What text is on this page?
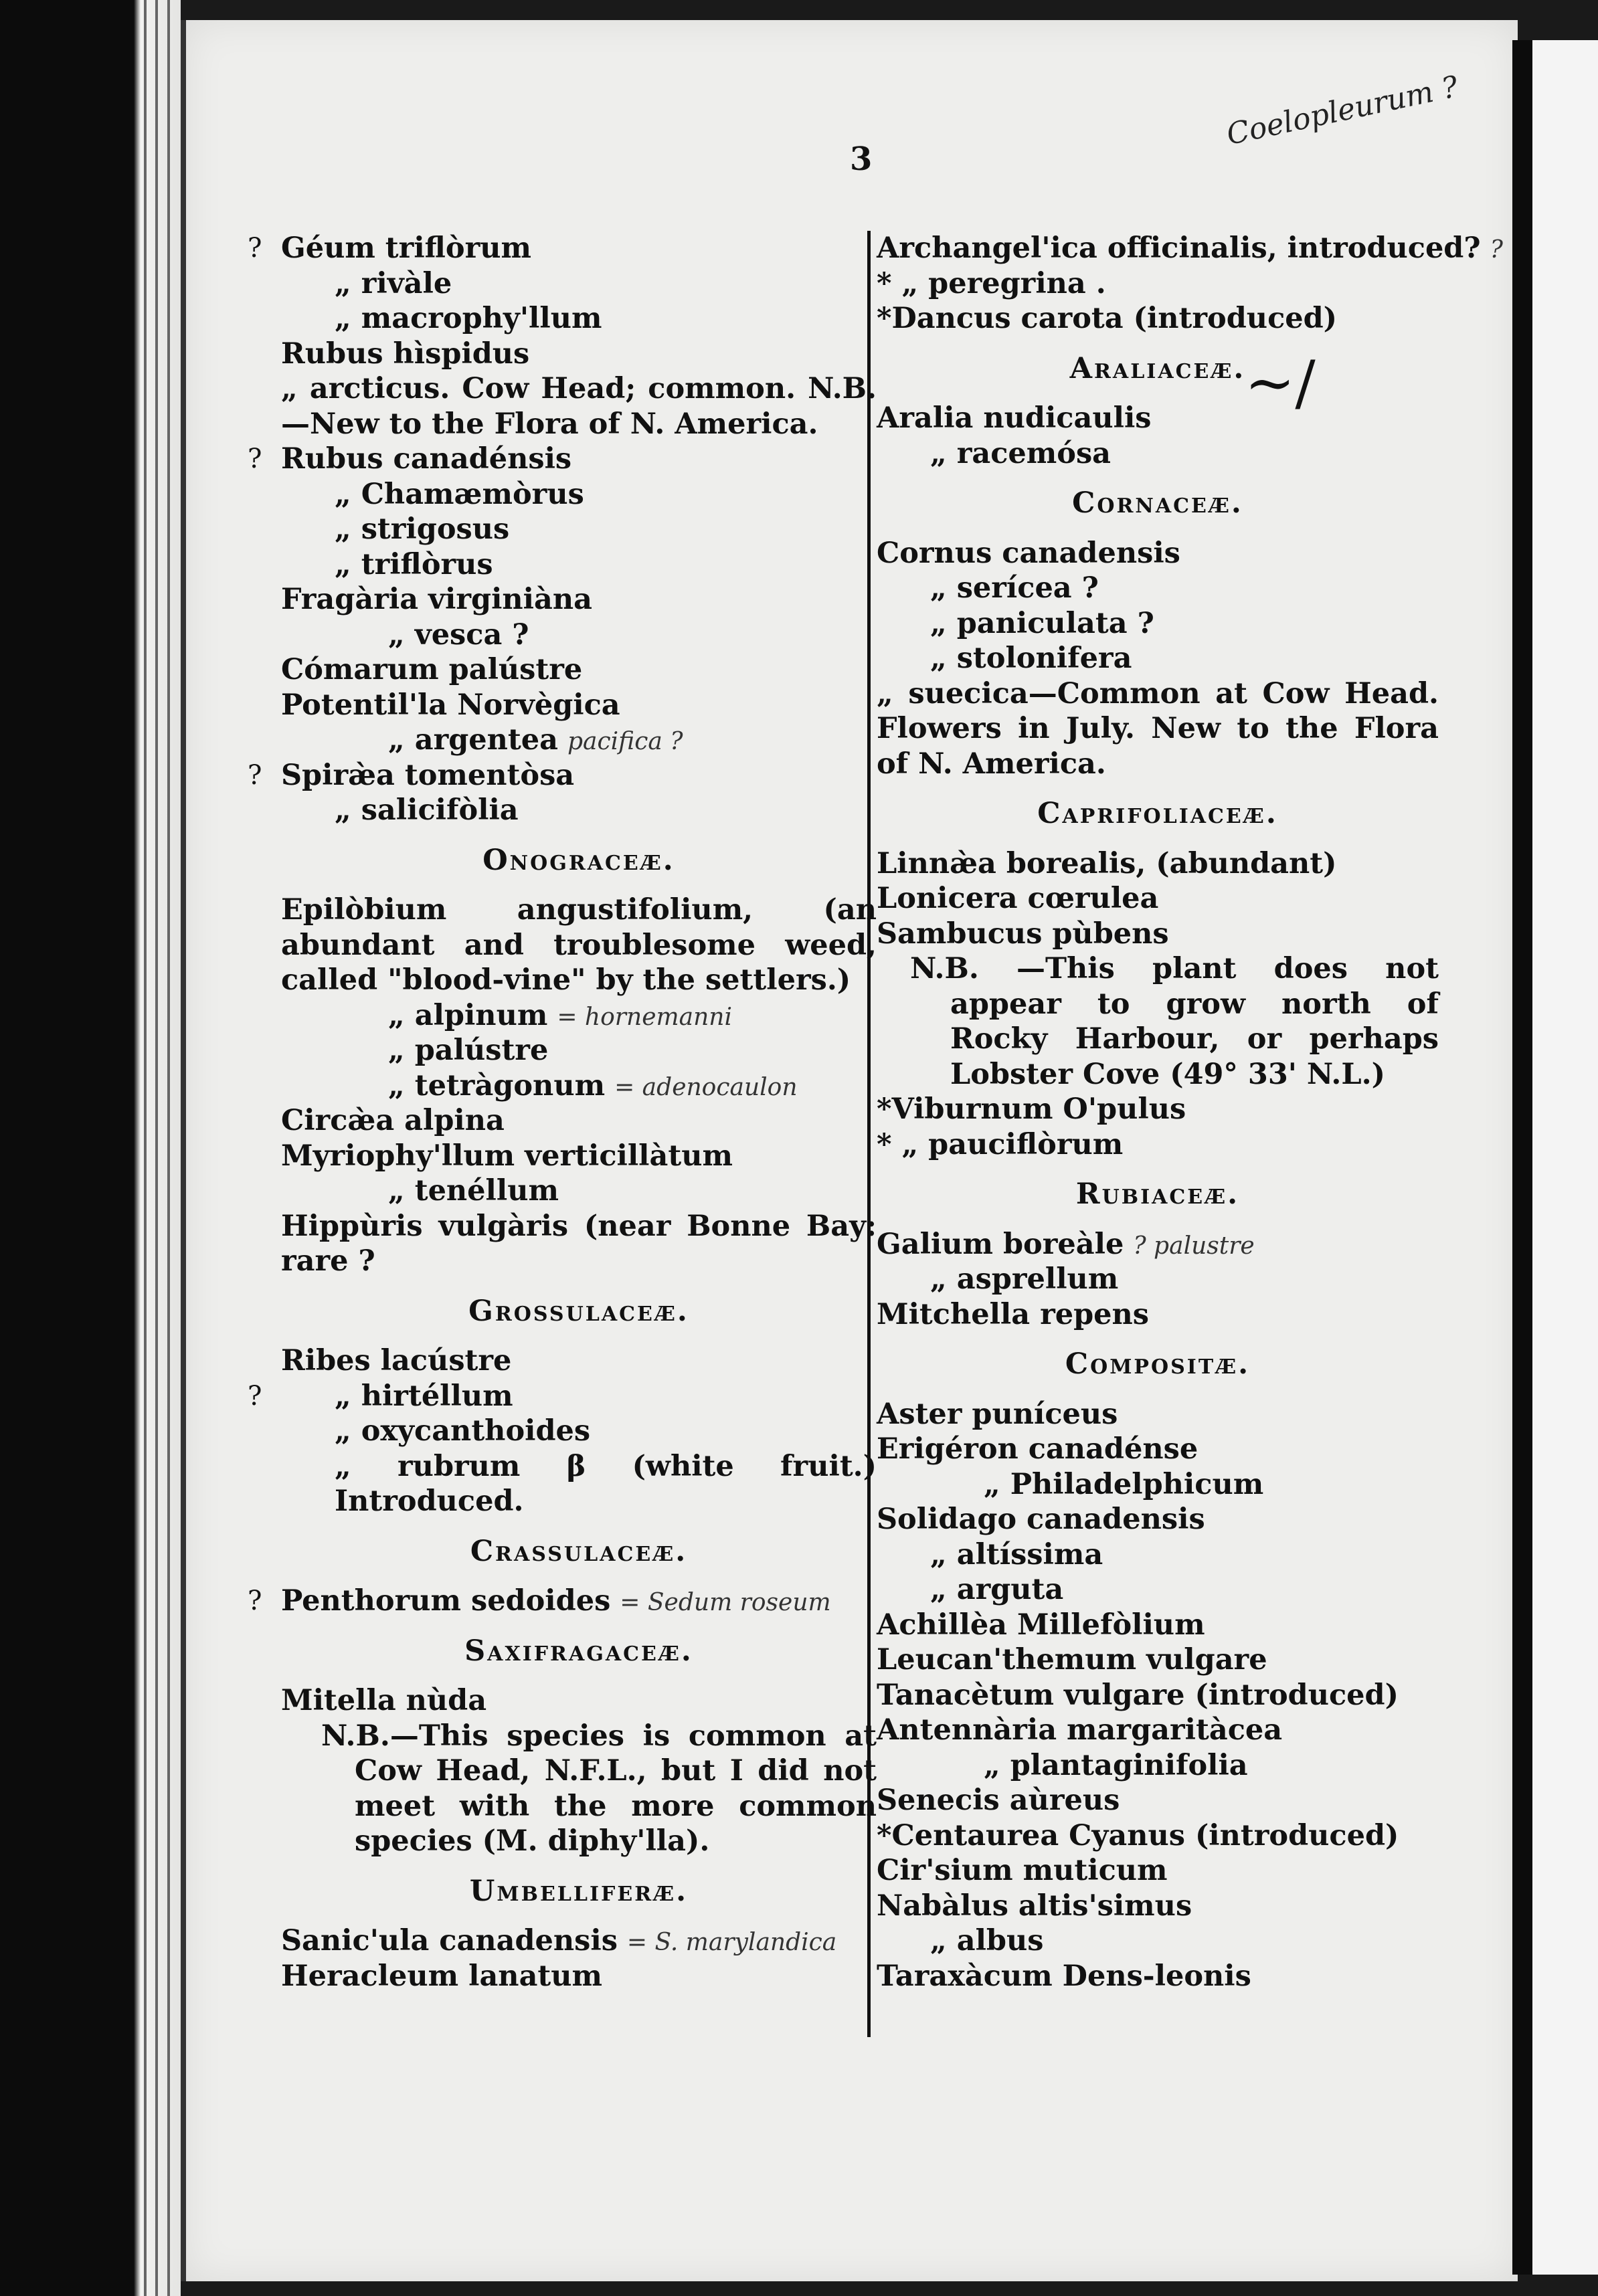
3
Coelopleurum ?
~/
? Géum triflòrum
„ rivàle
„ macrophy'llum
Rubus hìspidus
„ arcticus. Cow Head; common. N.B.—New to the Flora of N. America.
? Rubus canadénsis
„ Chamæmòrus
„ strigosus
„ triflòrus
Fragària virginiàna
„ vesca ?
Cómarum palústre
Potentil'la Norvègica
„ argentea pacifica ?
? Spiræ̀a tomentòsa
„ salicifòlia
Onograceæ.
Epilòbium angustifolium, (an abundant and troublesome weed, called "blood-vine" by the settlers.)
„ alpinum = hornemanni
„ palústre
„ tetràgonum = adenocaulon
Circæ̀a alpina
Myriophy'llum verticillàtum
„ tenéllum
Hippùris vulgàris (near Bonne Bay: rare ?
Grossulaceæ.
Ribes lacústre
?	„ hirtéllum
„ oxycanthoides
„ rubrum β (white fruit.) Introduced.
Crassulaceæ.
? Penthorum sedoides = Sedum roseum
Saxifragaceæ.
Mitella nùda
N.B.—This species is common at Cow Head, N.F.L., but I did not meet with the more common species (M. diphy'lla).
Umbelliferæ.
Sanic'ula canadensis = S. marylandica
Heracleum lanatum
Archangel'ica officinalis, introduced? ?
* „ peregrina .
*Dancus carota (introduced)
Araliaceæ.
Aralia nudicaulis
„ racemósa
Cornaceæ.
Cornus canadensis
„ serícea ?
„ paniculata ?
„ stolonifera
„ suecica—Common at Cow Head. Flowers in July. New to the Flora of N. America.
Caprifoliaceæ.
Linnæ̀a borealis, (abundant)
Lonicera cœrulea
Sambucus pùbens
N.B. —This plant does not appear to grow north of Rocky Harbour, or perhaps Lobster Cove (49° 33' N.L.)
*Viburnum O'pulus
* „ pauciflòrum
Rubiaceæ.
Galium boreàle ? palustre
„ asprellum
Mitchella repens
Compositæ.
Aster puníceus
Erigéron canadénse
„ Philadelphicum
Solidago canadensis
„ altíssima
„ arguta
Achillèa Millefòlium
Leucan'themum vulgare
Tanacètum vulgare (introduced)
Antennària margaritàcea
„ plantaginifolia
Senecis aùreus
*Centaurea Cyanus (introduced)
Cir'sium muticum
Nabàlus altis'simus
„ albus
Taraxàcum Dens-leonis
